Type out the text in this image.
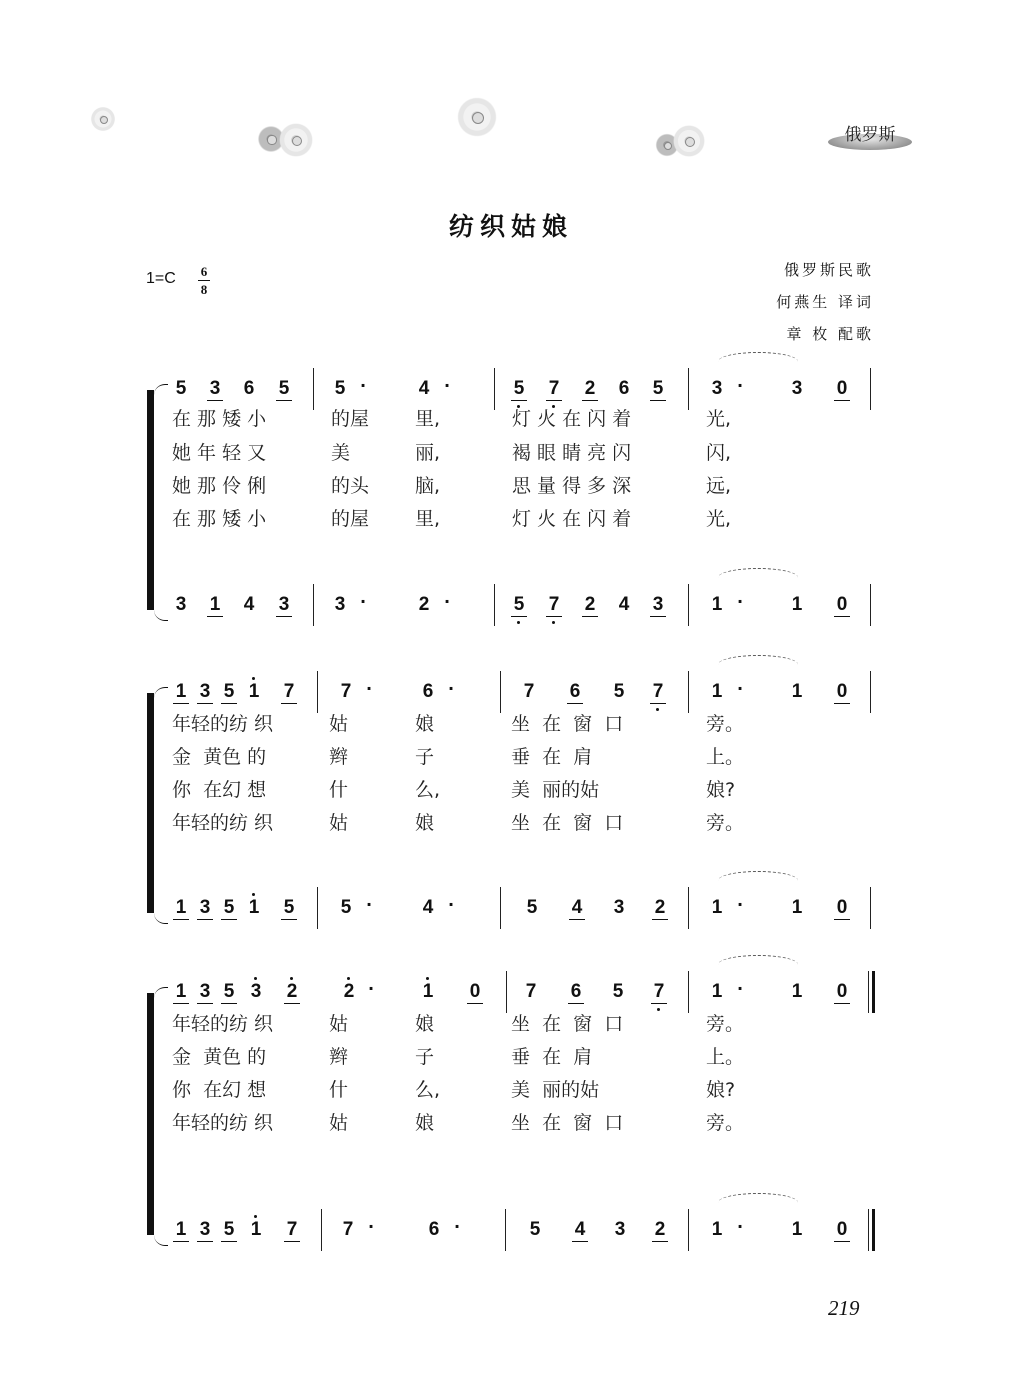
俄罗斯
纺织姑娘
1=C 6
8
俄罗斯民歌
何燕生 译词
章 枚 配歌
5 3 6 5 5 ·	4 ·	5 7 2 6 5	3 ·	3 0
3 1 4 3 3 ·	2 ·	5 7 2 4 3	1 ·	1 0
在 那 矮 小	的屋 里,	灯 火 在 闪 着	光,
她 年 轻 又	美	丽,	褐 眼 睛 亮 闪	闪,
她 那 伶 俐	的头 脑,	思 量 得 多 深	远,
在 那 矮 小	的屋 里,	灯 火 在 闪 着	光,
1 3 5 1 7 7 ·	6 ·	7 6 5 7	1 ·	1 0
1 3 5 1 5 5 ·	4 ·	5 4 3 2 1 ·	1 0
年轻的纺 织	姑	娘	坐  在  窗  口	旁。
金  黄色 的	辫	子	垂  在  肩	上。
你  在幻 想	什	么,	美  丽的姑	娘?
年轻的纺 织	姑	娘	坐  在  窗  口	旁。
1 3 5 3 2 2 ·	1 0 7 6 5 7 1 ·	1 0
1 3 5 1 7 7 ·	6 ·	5 4 3 2 1 ·	1 0
年轻的纺 织	姑	娘	坐  在  窗  口	旁。
金  黄色 的	辫	子	垂  在  肩	上。
你  在幻 想	什	么,	美  丽的姑	娘?
年轻的纺 织	姑	娘	坐  在  窗  口	旁。
219
